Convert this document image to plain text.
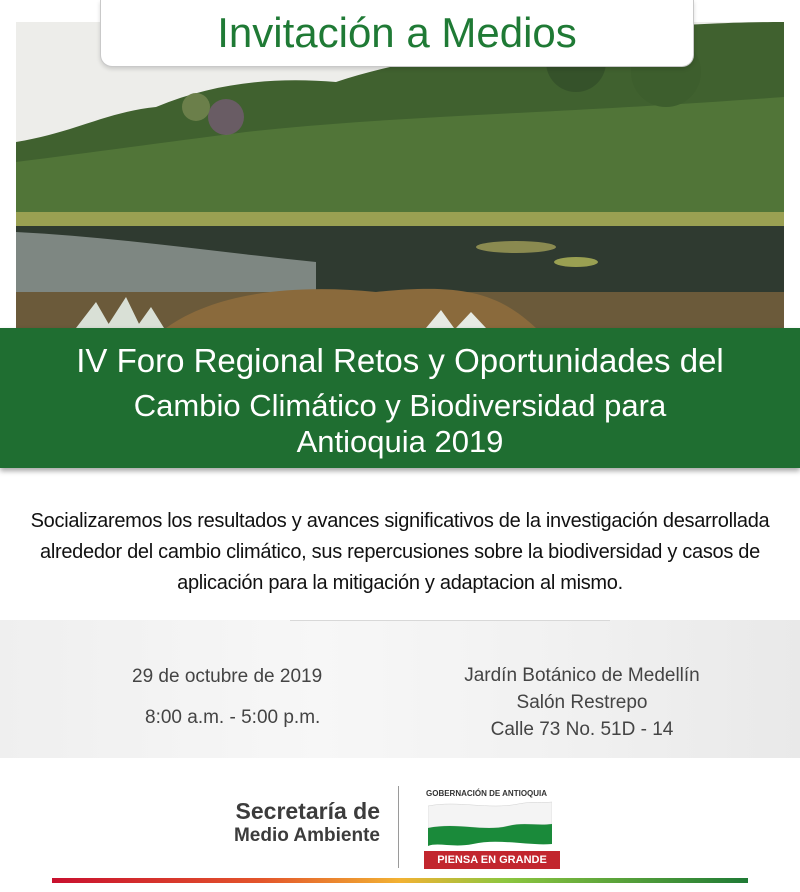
Invitación a Medios
IV Foro Regional Retos y Oportunidades del
Cambio Climático y Biodiversidad para
Antioquia 2019
Socializaremos los resultados y avances significativos de la investigación desarrollada
alrededor del cambio climático, sus repercusiones sobre la biodiversidad y casos de
aplicación para la mitigación y adaptacion al mismo.
29 de octubre de 2019
8:00 a.m. - 5:00 p.m.
Jardín Botánico de Medellín
Salón Restrepo
Calle 73 No. 51D - 14
Secretaría de
Medio Ambiente
GOBERNACIÓN DE ANTIOQUIA
PIENSA EN GRANDE
